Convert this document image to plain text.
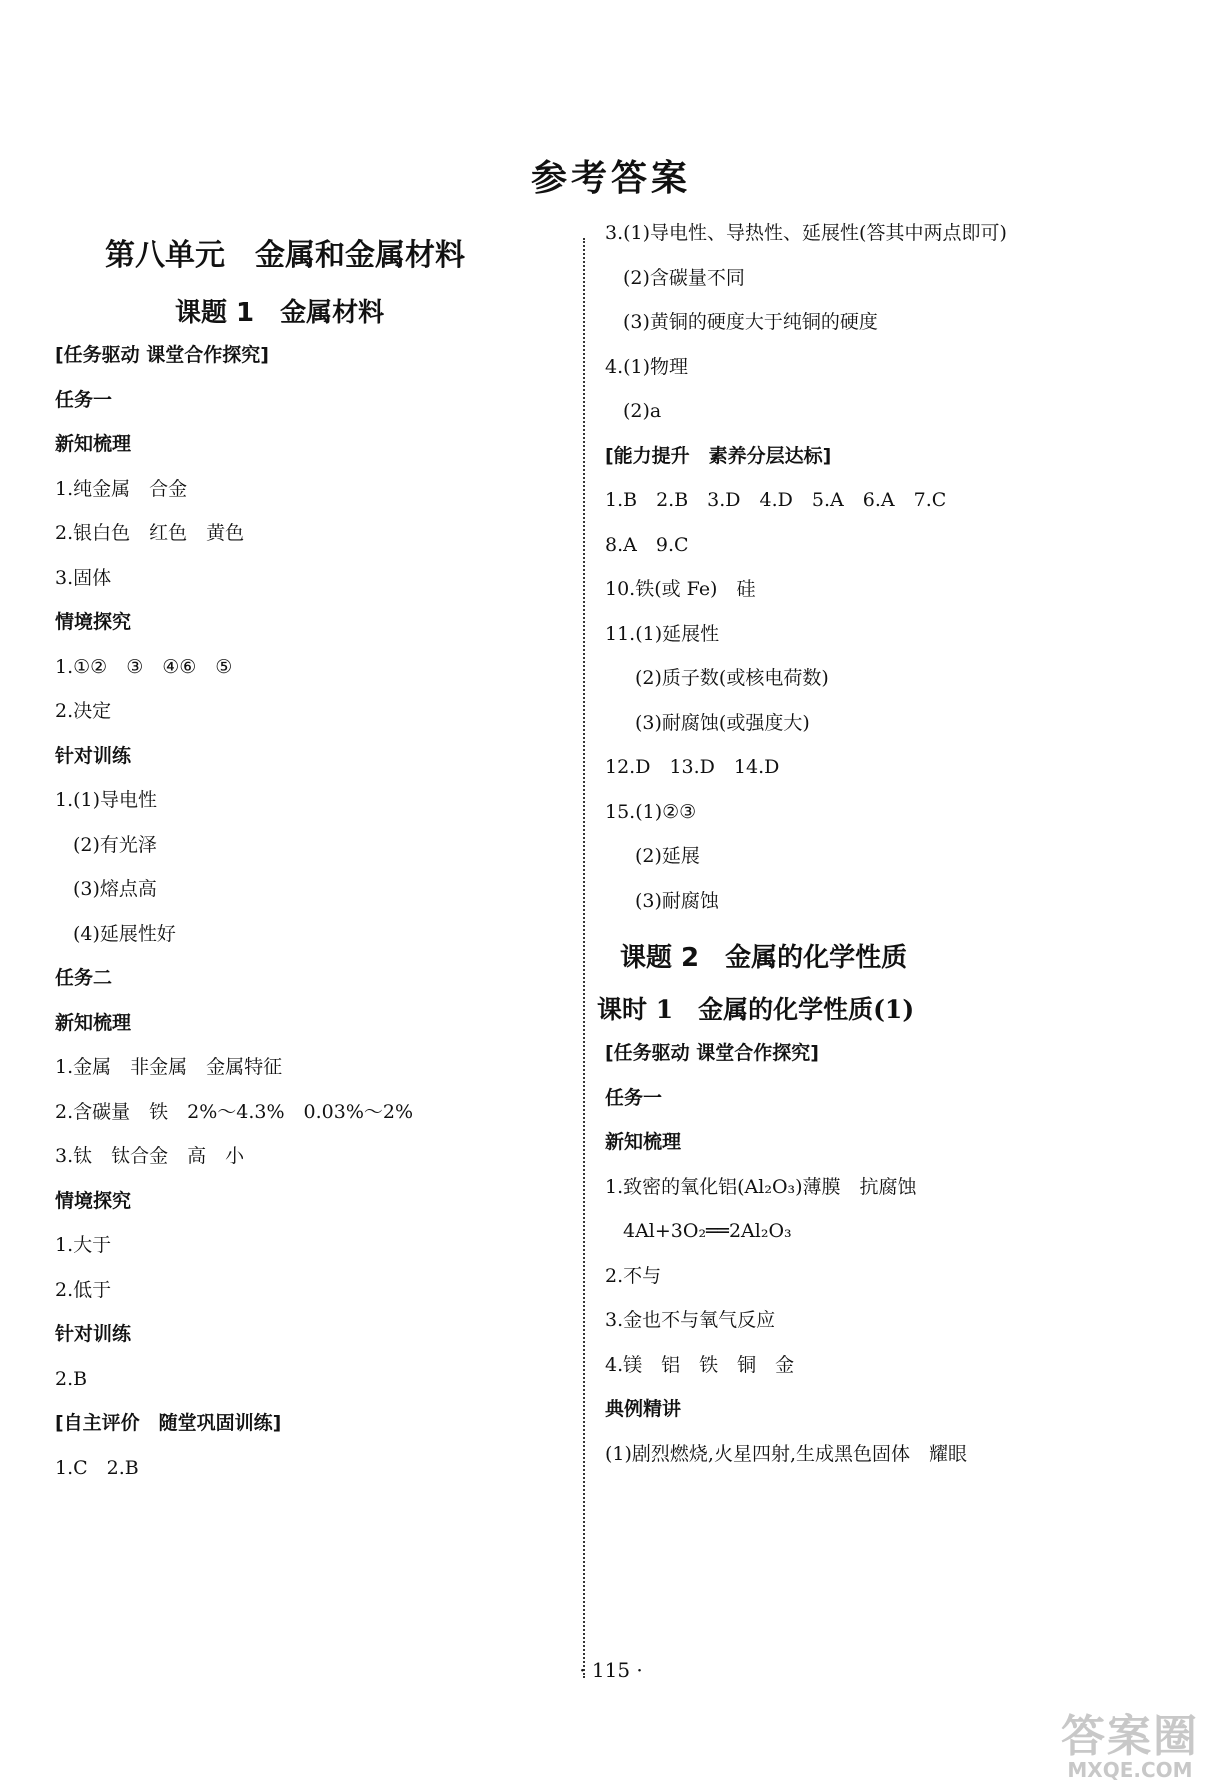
参考答案
第八单元　金属和金属材料
课题 1　金属材料
[任务驱动 课堂合作探究]
任务一
新知梳理
1.纯金属　合金
2.银白色　红色　黄色
3.固体
情境探究
1.①②　③　④⑥　⑤
2.决定
针对训练
1.(1)导电性
(2)有光泽
(3)熔点高
(4)延展性好
任务二
新知梳理
1.金属　非金属　金属特征
2.含碳量　铁　2%～4.3%　0.03%～2%
3.钛　钛合金　高　小
情境探究
1.大于
2.低于
针对训练
2.B
[自主评价　随堂巩固训练]
1.C　2.B
3.(1)导电性、导热性、延展性(答其中两点即可)
(2)含碳量不同
(3)黄铜的硬度大于纯铜的硬度
4.(1)物理
(2)a
[能力提升　素养分层达标]
1.B　2.B　3.D　4.D　5.A　6.A　7.C
8.A　9.C
10.铁(或 Fe)　硅
11.(1)延展性
(2)质子数(或核电荷数)
(3)耐腐蚀(或强度大)
12.D　13.D　14.D
15.(1)②③
(2)延展
(3)耐腐蚀
课题 2　金属的化学性质
课时 1　金属的化学性质(1)
[任务驱动 课堂合作探究]
任务一
新知梳理
1.致密的氧化铝(Al₂O₃)薄膜　抗腐蚀
4Al+3O₂══2Al₂O₃
2.不与
3.金也不与氧气反应
4.镁　铝　铁　铜　金
典例精讲
(1)剧烈燃烧,火星四射,生成黑色固体　耀眼
· 115 ·
答案圈
MXQE.COM
